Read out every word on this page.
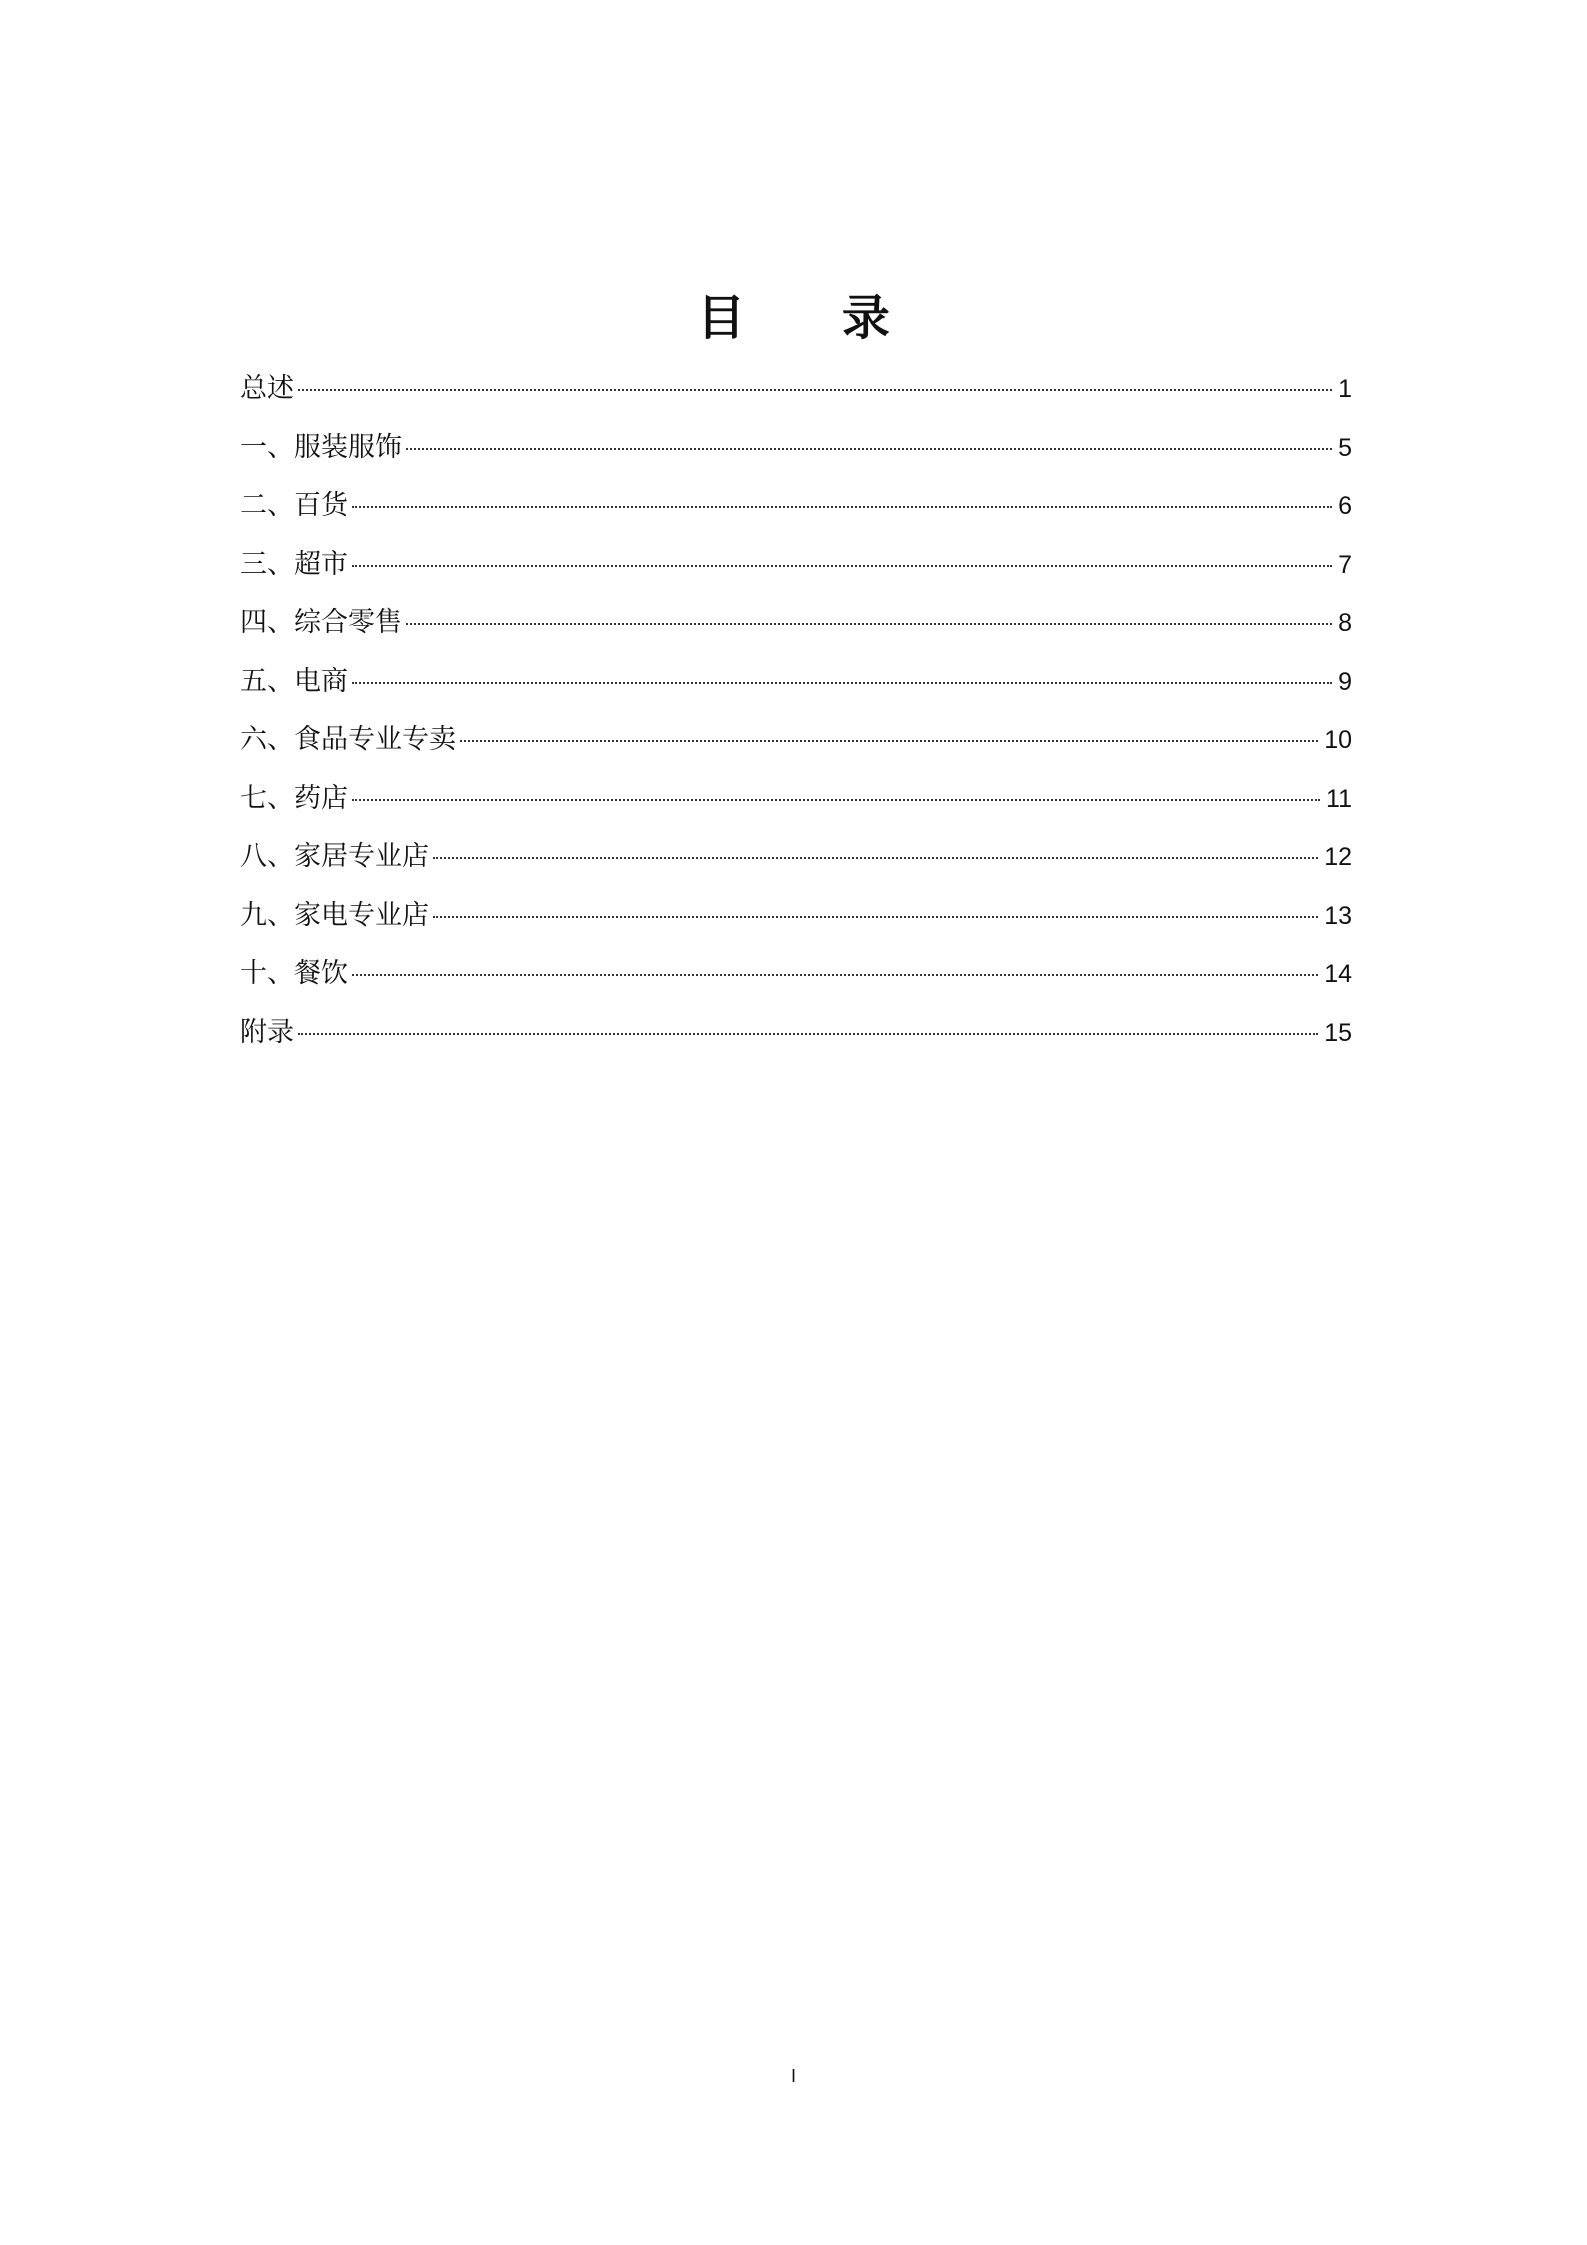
目 录
总述	1
一、服装服饰	5
二、百货	6
三、超市	7
四、综合零售	8
五、电商	9
六、食品专业专卖	10
七、药店	11
八、家居专业店	12
九、家电专业店	13
十、餐饮	14
附录	15
I
